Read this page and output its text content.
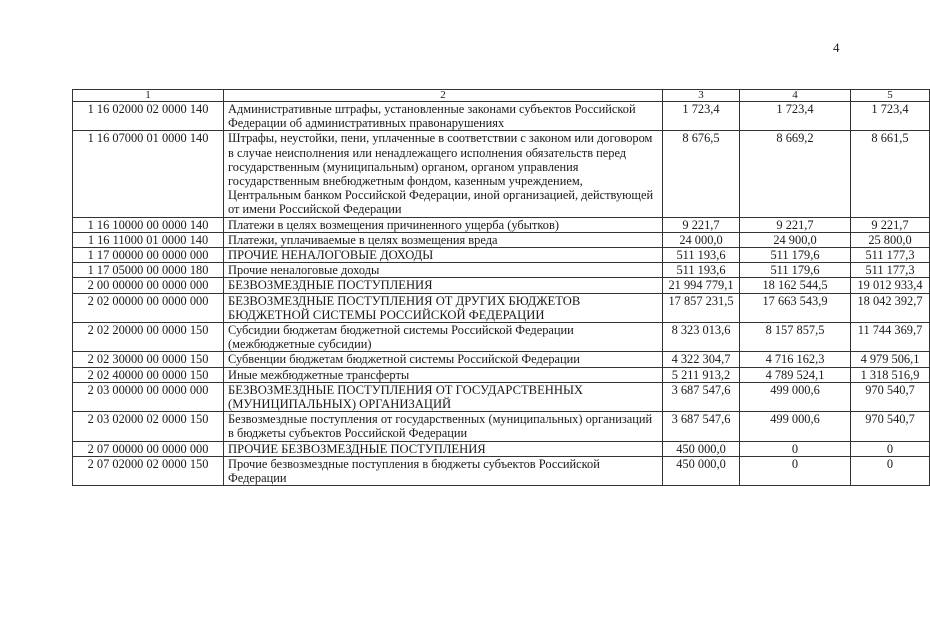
4
1	2	3	4	5
1 16 02000 02 0000 140	Административные штрафы, установленные законами субъектов Российской Федерации об административных правонарушениях	1 723,4	1 723,4	1 723,4
1 16 07000 01 0000 140	Штрафы, неустойки, пени, уплаченные в соответствии с законом или договором в случае неисполнения или ненадлежащего исполнения обязательств перед государственным (муниципальным) органом, органом управления государственным внебюджетным фондом, казенным учреждением, Центральным банком Российской Федерации, иной организацией, действующей от имени Российской Федерации	8 676,5	8 669,2	8 661,5
1 16 10000 00 0000 140	Платежи в целях возмещения причиненного ущерба (убытков)	9 221,7	9 221,7	9 221,7
1 16 11000 01 0000 140	Платежи, уплачиваемые в целях возмещения вреда	24 000,0	24 900,0	25 800,0
1 17 00000 00 0000 000	ПРОЧИЕ НЕНАЛОГОВЫЕ ДОХОДЫ	511 193,6	511 179,6	511 177,3
1 17 05000 00 0000 180	Прочие неналоговые доходы	511 193,6	511 179,6	511 177,3
2 00 00000 00 0000 000	БЕЗВОЗМЕЗДНЫЕ ПОСТУПЛЕНИЯ	21 994 779,1	18 162 544,5	19 012 933,4
2 02 00000 00 0000 000	БЕЗВОЗМЕЗДНЫЕ ПОСТУПЛЕНИЯ ОТ ДРУГИХ БЮДЖЕТОВ БЮДЖЕТНОЙ СИСТЕМЫ РОССИЙСКОЙ ФЕДЕРАЦИИ	17 857 231,5	17 663 543,9	18 042 392,7
2 02 20000 00 0000 150	Субсидии бюджетам бюджетной системы Российской Федерации (межбюджетные субсидии)	8 323 013,6	8 157 857,5	11 744 369,7
2 02 30000 00 0000 150	Субвенции бюджетам бюджетной системы Российской Федерации	4 322 304,7	4 716 162,3	4 979 506,1
2 02 40000 00 0000 150	Иные межбюджетные трансферты	5 211 913,2	4 789 524,1	1 318 516,9
2 03 00000 00 0000 000	БЕЗВОЗМЕЗДНЫЕ ПОСТУПЛЕНИЯ ОТ ГОСУДАРСТВЕННЫХ (МУНИЦИПАЛЬНЫХ) ОРГАНИЗАЦИЙ	3 687 547,6	499 000,6	970 540,7
2 03 02000 02 0000 150	Безвозмездные поступления от государственных (муниципальных) организаций в бюджеты субъектов Российской Федерации	3 687 547,6	499 000,6	970 540,7
2 07 00000 00 0000 000	ПРОЧИЕ БЕЗВОЗМЕЗДНЫЕ ПОСТУПЛЕНИЯ	450 000,0	0	0
2 07 02000 02 0000 150	Прочие безвозмездные поступления в бюджеты субъектов Российской Федерации	450 000,0	0	0
